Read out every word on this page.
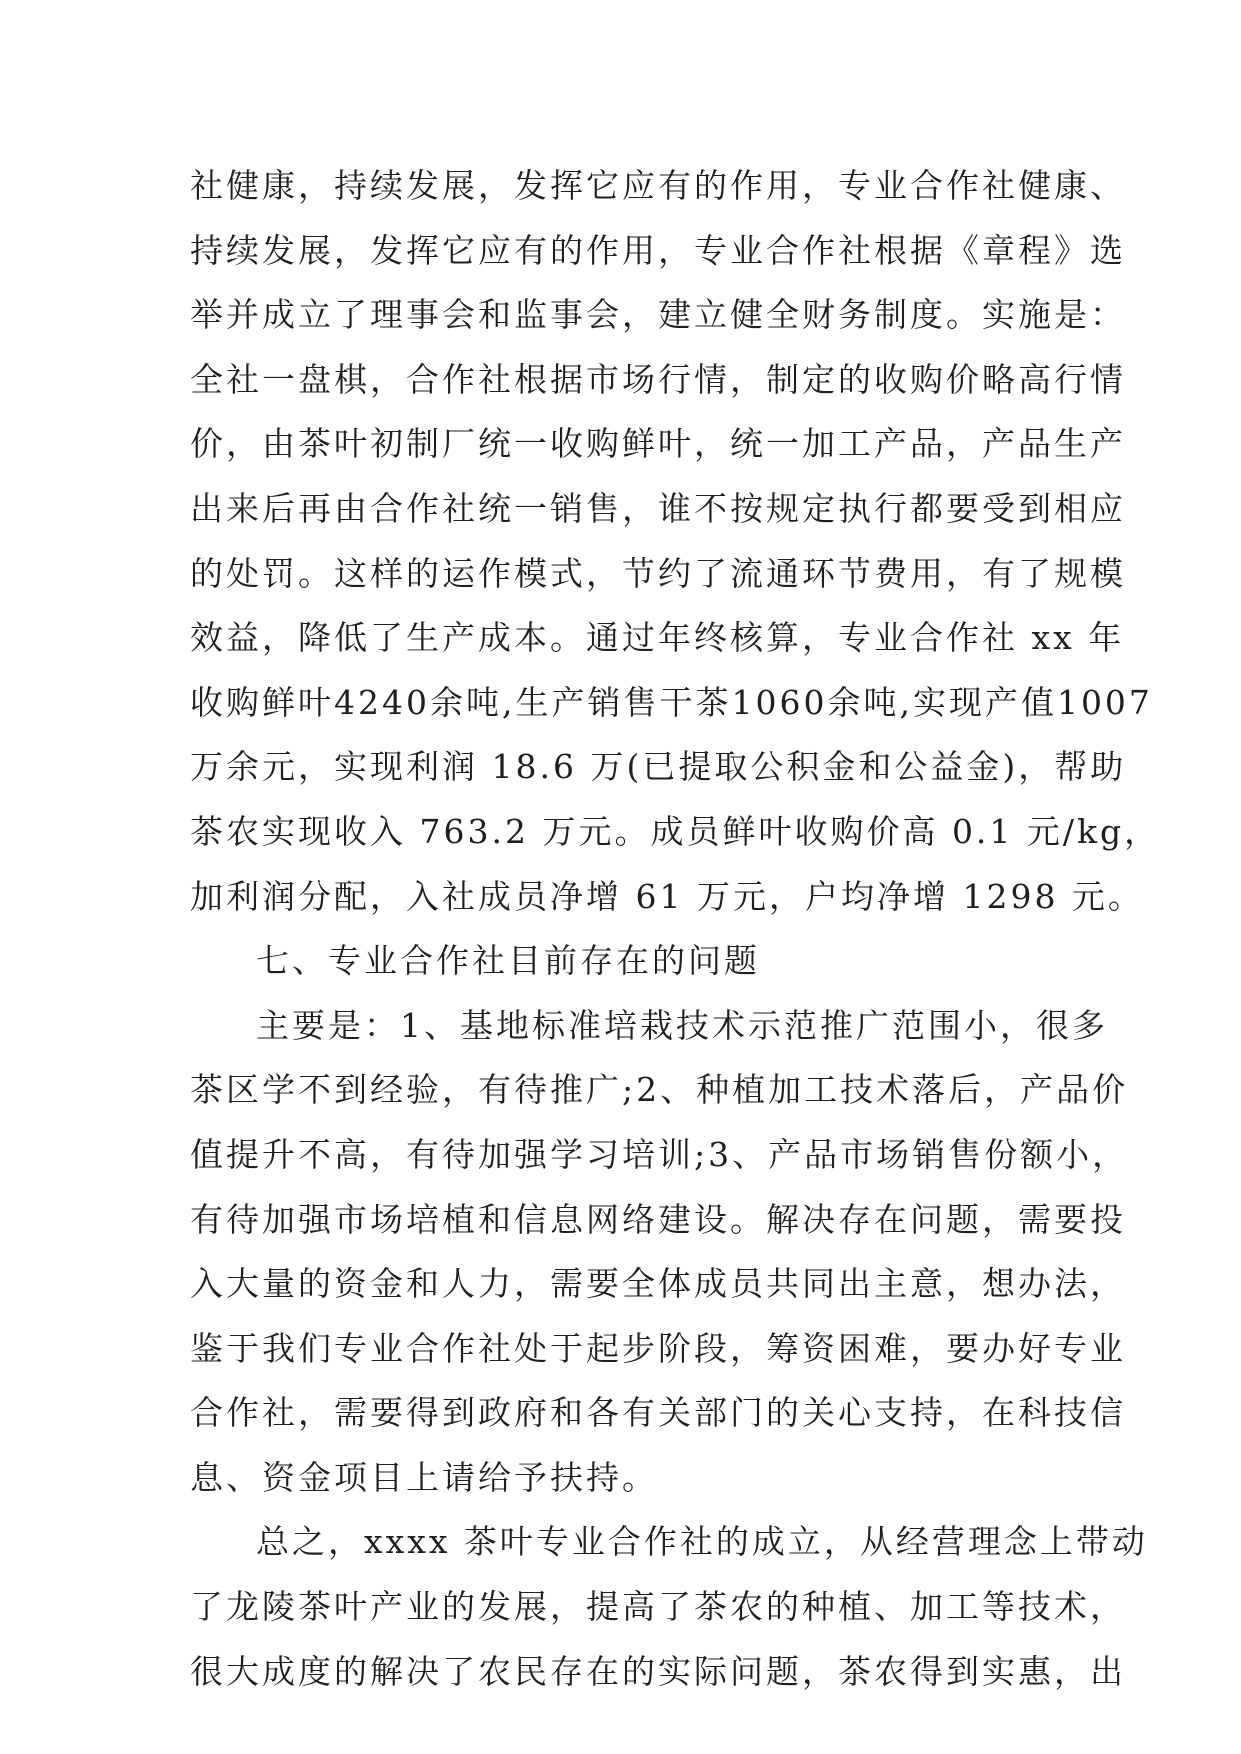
社健康，持续发展，发挥它应有的作用，专业合作社健康、
持续发展，发挥它应有的作用，专业合作社根据《章程》选
举并成立了理事会和监事会，建立健全财务制度。实施是：
全社一盘棋，合作社根据市场行情，制定的收购价略高行情
价，由茶叶初制厂统一收购鲜叶，统一加工产品，产品生产
出来后再由合作社统一销售，谁不按规定执行都要受到相应
的处罚。这样的运作模式，节约了流通环节费用，有了规模
效益，降低了生产成本。通过年终核算，专业合作社 xx 年
收购鲜叶4240余吨,生产销售干茶1060余吨,实现产值1007
万余元，实现利润 18.6 万(已提取公积金和公益金)，帮助
茶农实现收入 763.2 万元。成员鲜叶收购价高 0.1 元/kg，
加利润分配，入社成员净增 61 万元，户均净增 1298 元。
七、专业合作社目前存在的问题
主要是：1、基地标准培栽技术示范推广范围小，很多
茶区学不到经验，有待推广;2、种植加工技术落后，产品价
值提升不高，有待加强学习培训;3、产品市场销售份额小，
有待加强市场培植和信息网络建设。解决存在问题，需要投
入大量的资金和人力，需要全体成员共同出主意，想办法，
鉴于我们专业合作社处于起步阶段，筹资困难，要办好专业
合作社，需要得到政府和各有关部门的关心支持，在科技信
息、资金项目上请给予扶持。
总之，xxxx 茶叶专业合作社的成立，从经营理念上带动
了龙陵茶叶产业的发展，提高了茶农的种植、加工等技术，
很大成度的解决了农民存在的实际问题，茶农得到实惠，出
